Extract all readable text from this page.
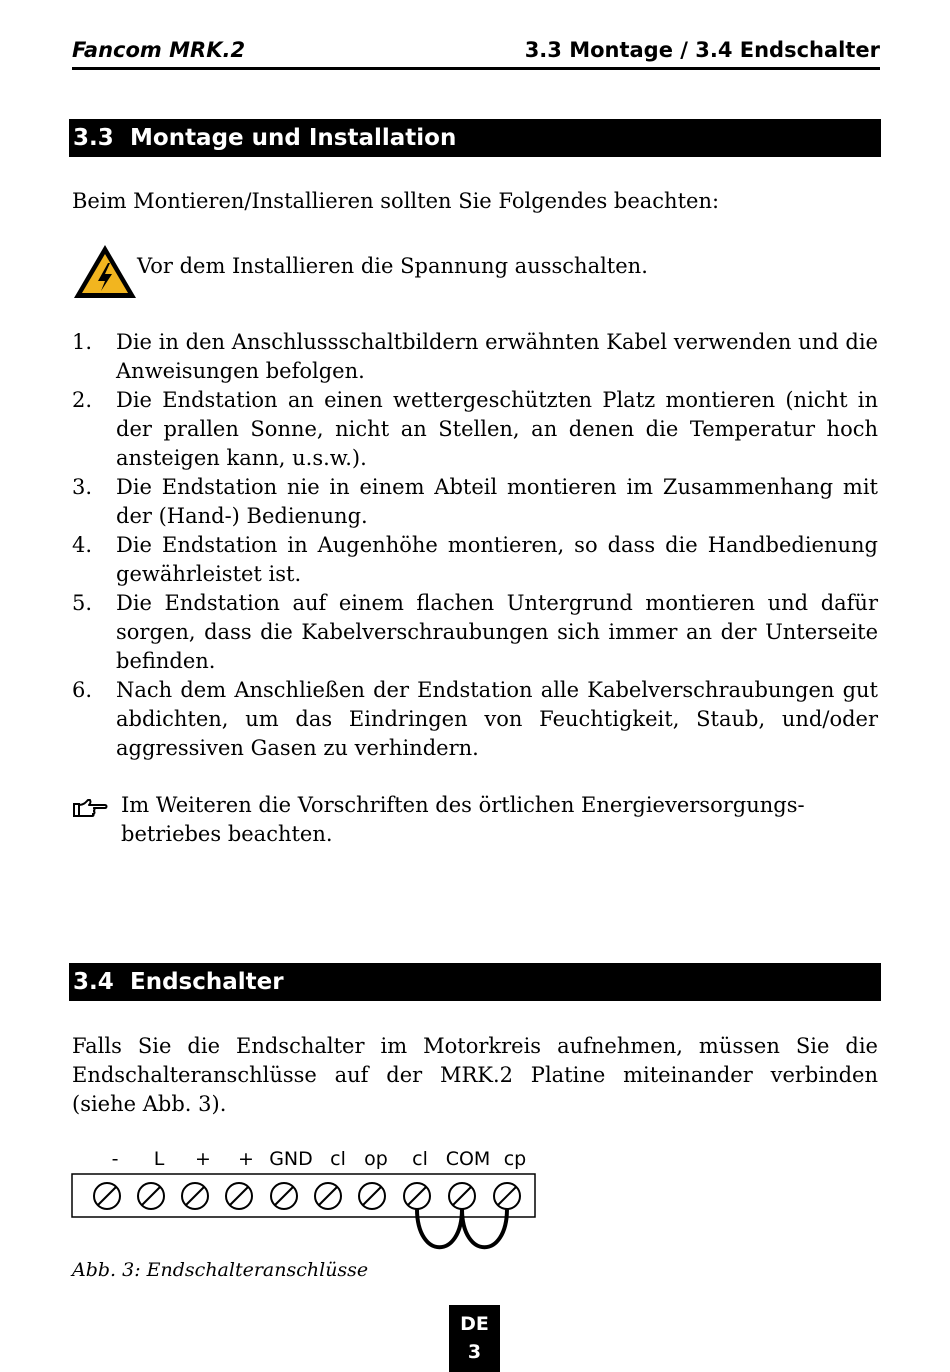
Fancom MRK.2	3.3 Montage / 3.4 Endschalter
3.3 Montage und Installation

Beim Montieren/Installieren sollten Sie Folgendes beachten:

Vor dem Installieren die Spannung ausschalten.
1. Die in den Anschlussschaltbildern erwähnten Kabel verwenden und die Anweisungen befolgen.
2. Die Endstation an einen wettergeschützten Platz montieren (nicht in der prallen Sonne, nicht an Stellen, an denen die Temperatur hoch ansteigen kann, u.s.w.).
3. Die Endstation nie in einem Abteil montieren im Zusammenhang mit der (Hand-) Bedienung.
4. Die Endstation in Augenhöhe montieren, so dass die Handbedienung gewährleistet ist.
5. Die Endstation auf einem flachen Untergrund montieren und dafür sorgen, dass die Kabelverschraubungen sich immer an der Unterseite befinden.
6. Nach dem Anschließen der Endstation alle Kabelverschraubungen gut abdichten, um das Eindringen von Feuchtigkeit, Staub, und/oder aggressiven Gasen zu verhindern.

Im Weiteren die Vorschriften des örtlichen Energieversorgungs-betriebes beachten.

3.4 Endschalter

Falls Sie die Endschalter im Motorkreis aufnehmen, müssen Sie die Endschalteranschlüsse auf der MRK.2 Platine miteinander verbinden (siehe Abb. 3).

-	L	+	+ GND cl op	cl COM cp
Abb. 3: Endschalteranschlüsse
DE
3
